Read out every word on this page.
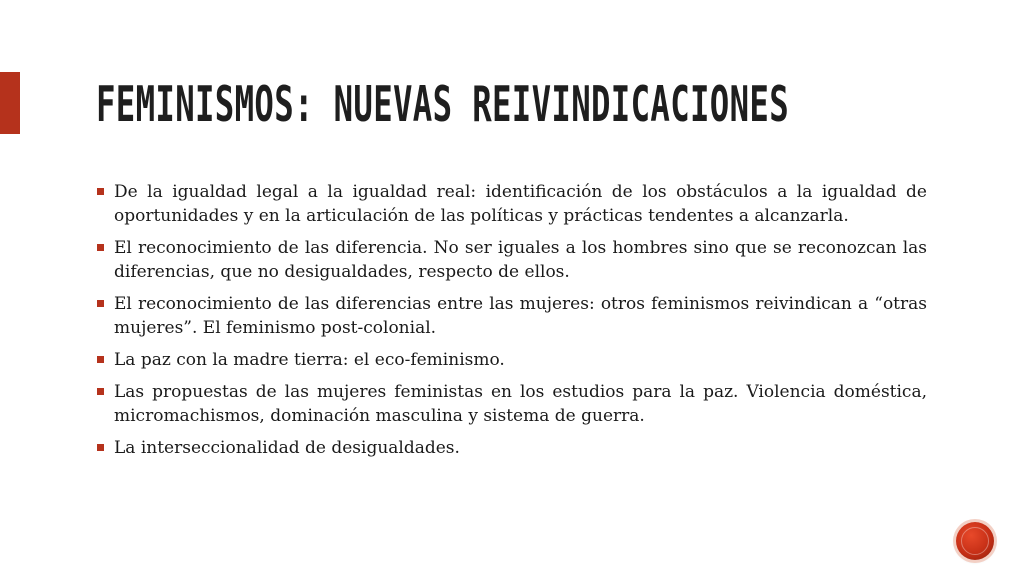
FEMINISMOS: NUEVAS REIVINDICACIONES
De la igualdad legal a la igualdad real: identificación de los obstáculos a la igualdad de oportunidades y en la articulación de las políticas y prácticas tendentes a alcanzarla.
El reconocimiento de las diferencia. No ser iguales a los hombres sino que se reconozcan las diferencias, que no desigualdades, respecto de ellos.
El reconocimiento de las diferencias entre las mujeres: otros feminismos reivindican a “otras mujeres”. El feminismo post-colonial.
La paz con la madre tierra: el eco-feminismo.
Las propuestas de las mujeres feministas en los estudios para la paz. Violencia doméstica, micromachismos, dominación masculina y sistema de guerra.
La interseccionalidad de desigualdades.
